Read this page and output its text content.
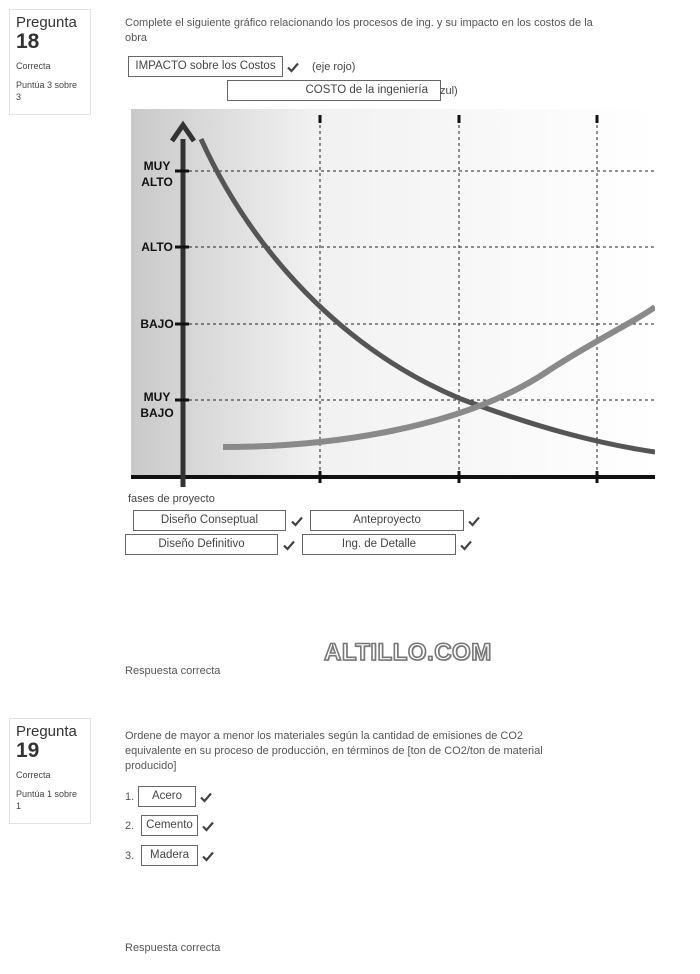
Pregunta
18
Correcta
Puntúa 3 sobre 3
Complete el siguiente gráfico relacionando los procesos de ing. y su impacto en los costos de la obra
IMPACTO sobre los Costos	(eje rojo)
COSTO de la ingeniería	zul)
MUY
ALTO
ALTO
BAJO
MUY
BAJO
fases de proyecto
Diseño Conseptual	Anteproyecto
Diseño Definitivo	Ing. de Detalle
ALTILLO.COM
Respuesta correcta
Pregunta
19
Correcta
Puntúa 1 sobre 1
Ordene de mayor a menor los materiales según la cantidad de emisiones de CO2 equivalente en su proceso de producción, en términos de [ton de CO2/ton de material producido]
1.	Acero
2.	Cemento
3.	Madera
Respuesta correcta
